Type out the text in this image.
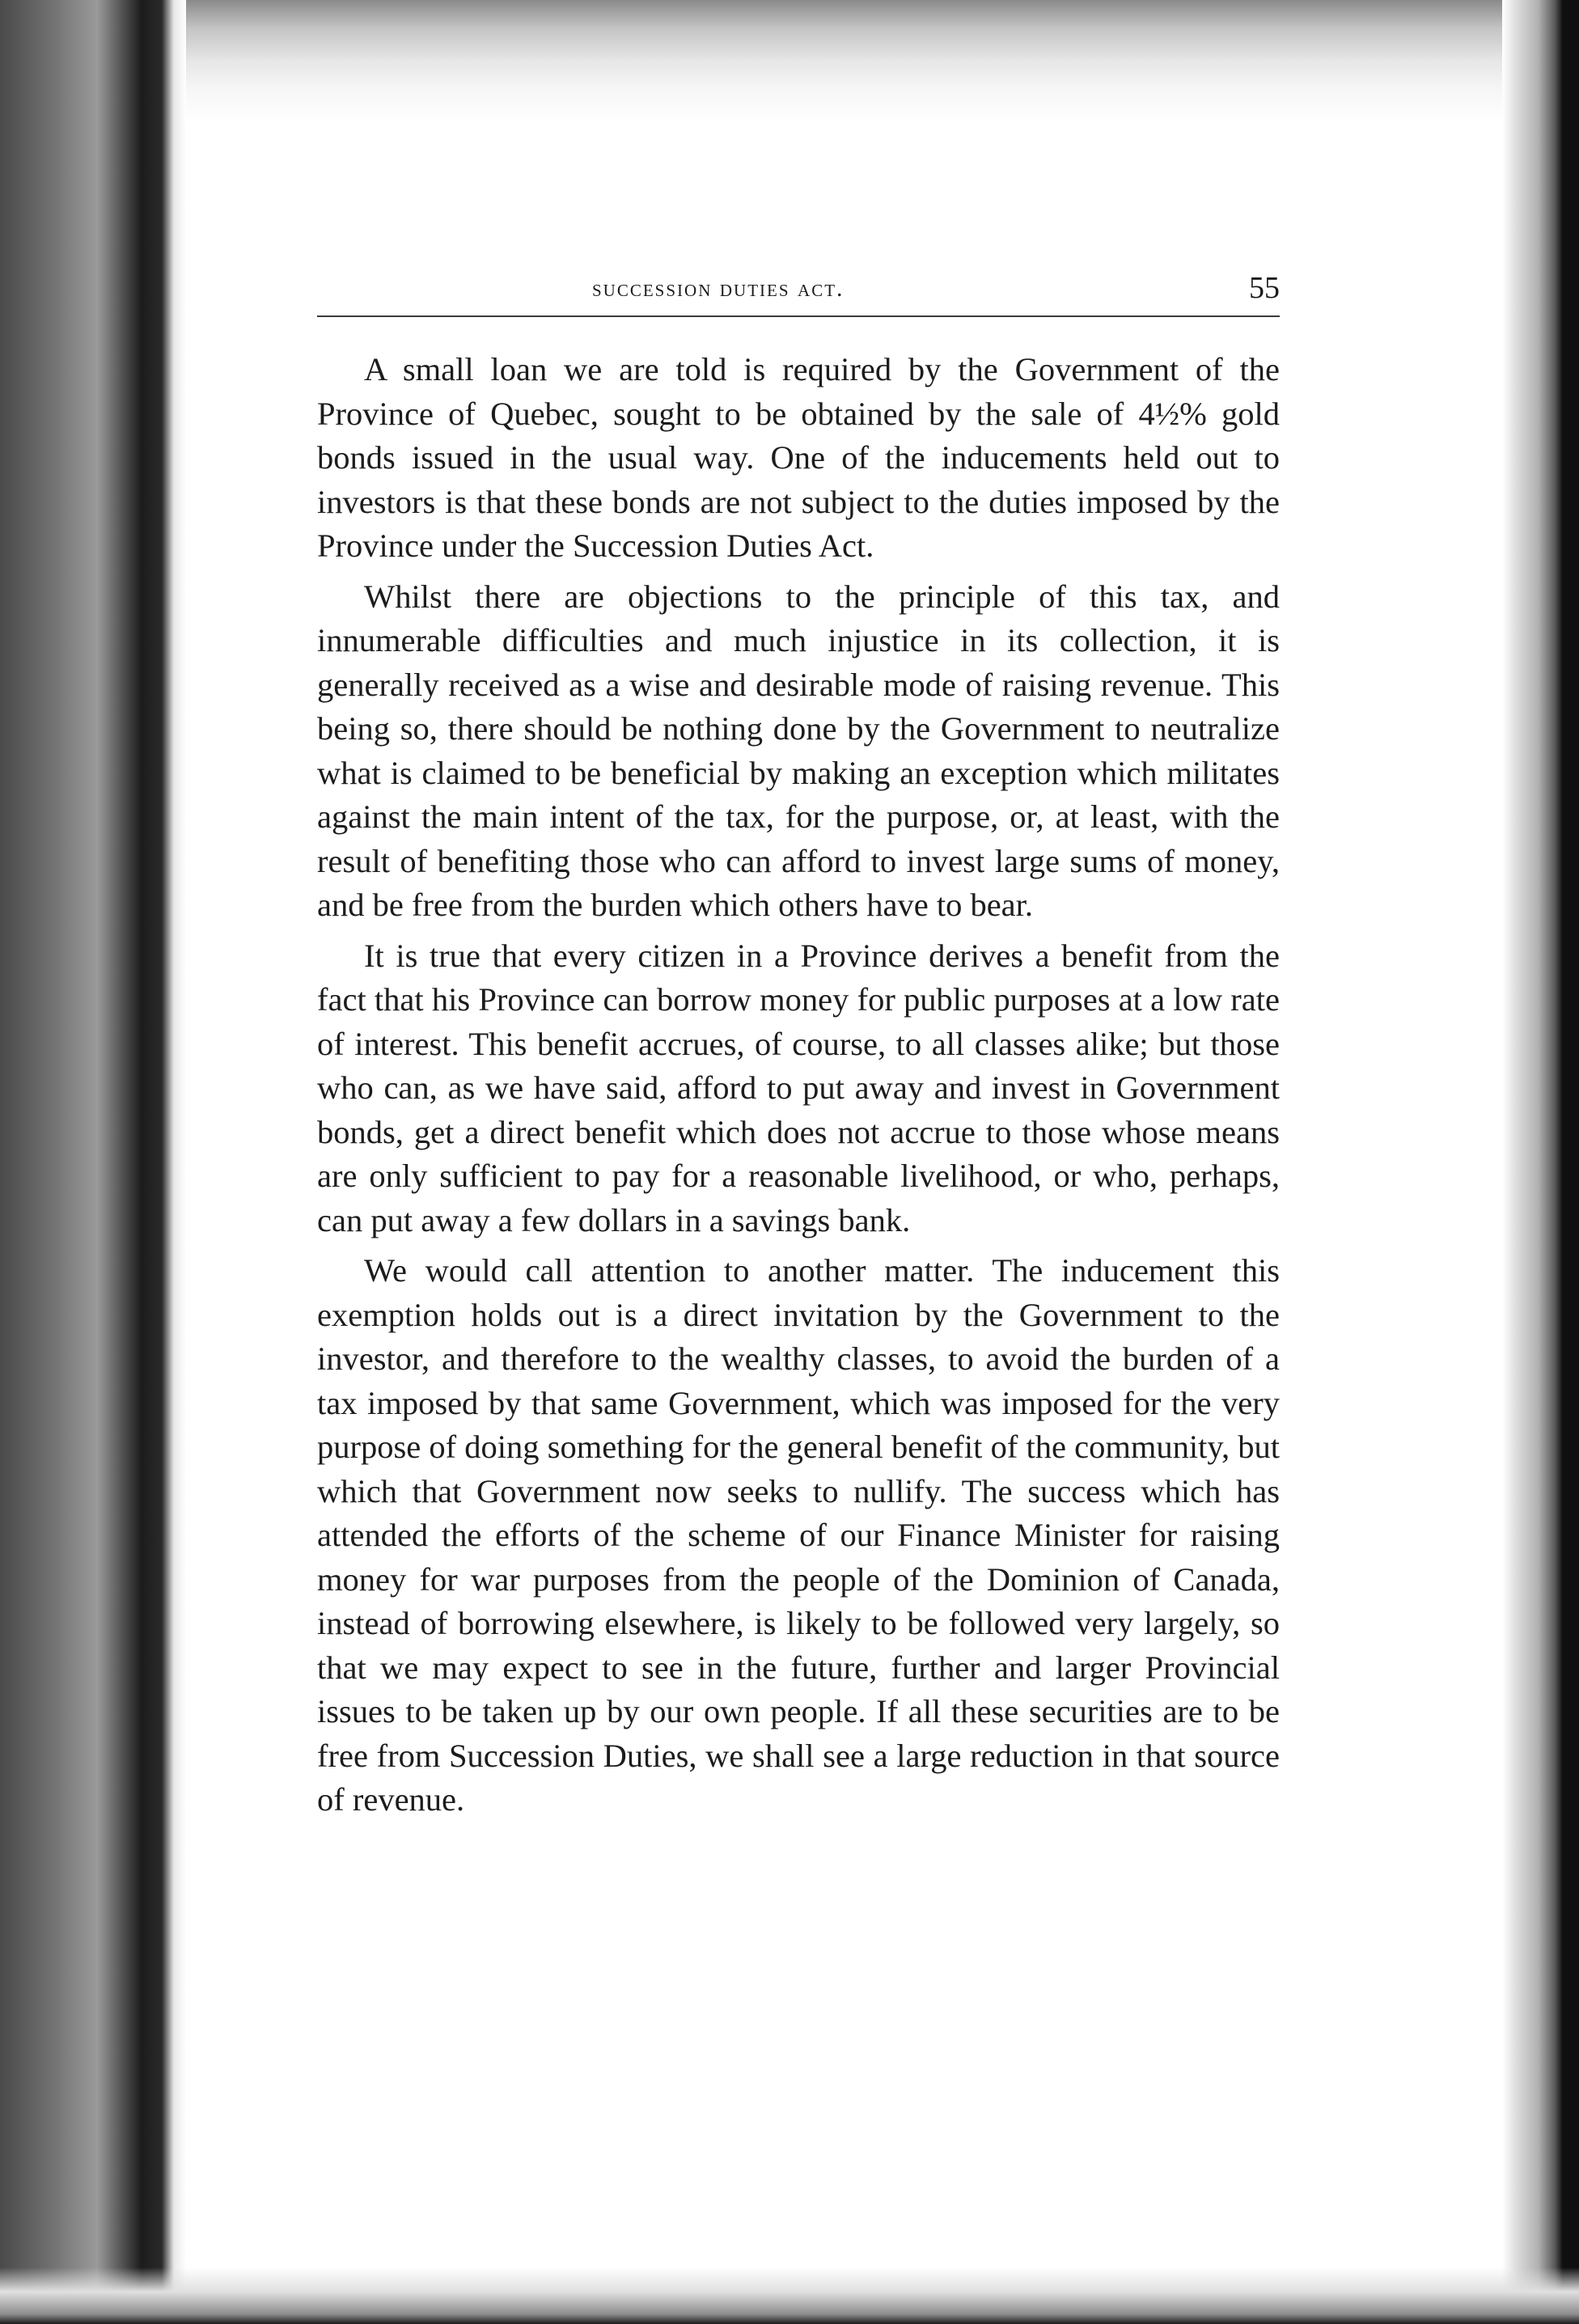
succession duties act.	55

A small loan we are told is required by the Government of the Province of Quebec, sought to be obtained by the sale of 4½% gold bonds issued in the usual way. One of the inducements held out to investors is that these bonds are not subject to the duties imposed by the Province under the Succession Duties Act.

Whilst there are objections to the principle of this tax, and innumerable difficulties and much injustice in its collection, it is generally received as a wise and desirable mode of raising revenue. This being so, there should be nothing done by the Government to neutralize what is claimed to be beneficial by making an exception which militates against the main intent of the tax, for the purpose, or, at least, with the result of benefiting those who can afford to invest large sums of money, and be free from the burden which others have to bear.

It is true that every citizen in a Province derives a benefit from the fact that his Province can borrow money for public purposes at a low rate of interest. This benefit accrues, of course, to all classes alike; but those who can, as we have said, afford to put away and invest in Government bonds, get a direct benefit which does not accrue to those whose means are only sufficient to pay for a reasonable livelihood, or who, perhaps, can put away a few dollars in a savings bank.

We would call attention to another matter. The inducement this exemption holds out is a direct invitation by the Government to the investor, and therefore to the wealthy classes, to avoid the burden of a tax imposed by that same Government, which was imposed for the very purpose of doing something for the general benefit of the community, but which that Government now seeks to nullify. The success which has attended the efforts of the scheme of our Finance Minister for raising money for war purposes from the people of the Dominion of Canada, instead of borrowing elsewhere, is likely to be followed very largely, so that we may expect to see in the future, further and larger Provincial issues to be taken up by our own people. If all these securities are to be free from Succession Duties, we shall see a large reduction in that source of revenue.
